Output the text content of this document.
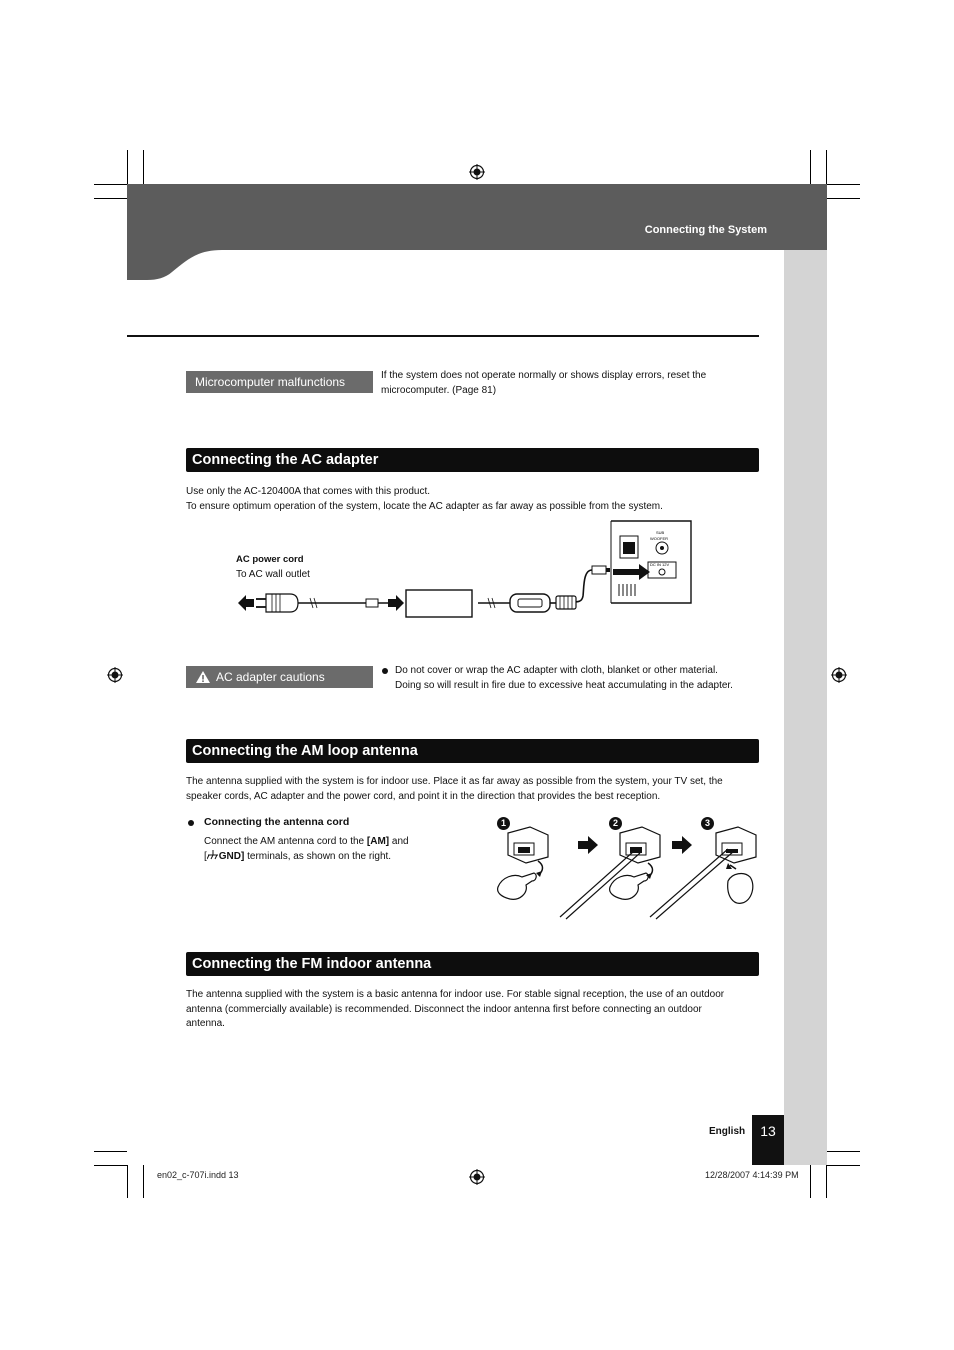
Connecting the System
Microcomputer malfunctions	If the system does not operate normally or shows display errors, reset the

microcomputer. (Page 81)

Connecting the AC adapter

Use only the AC-120400A that comes with this product.

To ensure optimum operation of the system, locate the AC adapter as far away as possible from the system.

AC power cord
To AC wall outlet
SUB
WOOFER
DC IN 12V
AC adapter cautions	Do not cover or wrap the AC adapter with cloth, blanket or other material.

Doing so will result in fire due to excessive heat accumulating in the adapter.

Connecting the AM loop antenna

The antenna supplied with the system is for indoor use. Place it as far away as possible from the system, your TV set, the

speaker cords, AC adapter and the power cord, and point it in the direction that provides the best reception.

Connecting the antenna cord

Connect the AM antenna cord to the [AM] and

[ GND] terminals, as shown on the right.

1	2	3
Connecting the FM indoor antenna

The antenna supplied with the system is a basic antenna for indoor use. For stable signal reception, the use of an outdoor

antenna (commercially available) is recommended. Disconnect the indoor antenna first before connecting an outdoor

antenna.

English	13
en02_c-707i.indd 13	12/28/2007 4:14:39 PM
